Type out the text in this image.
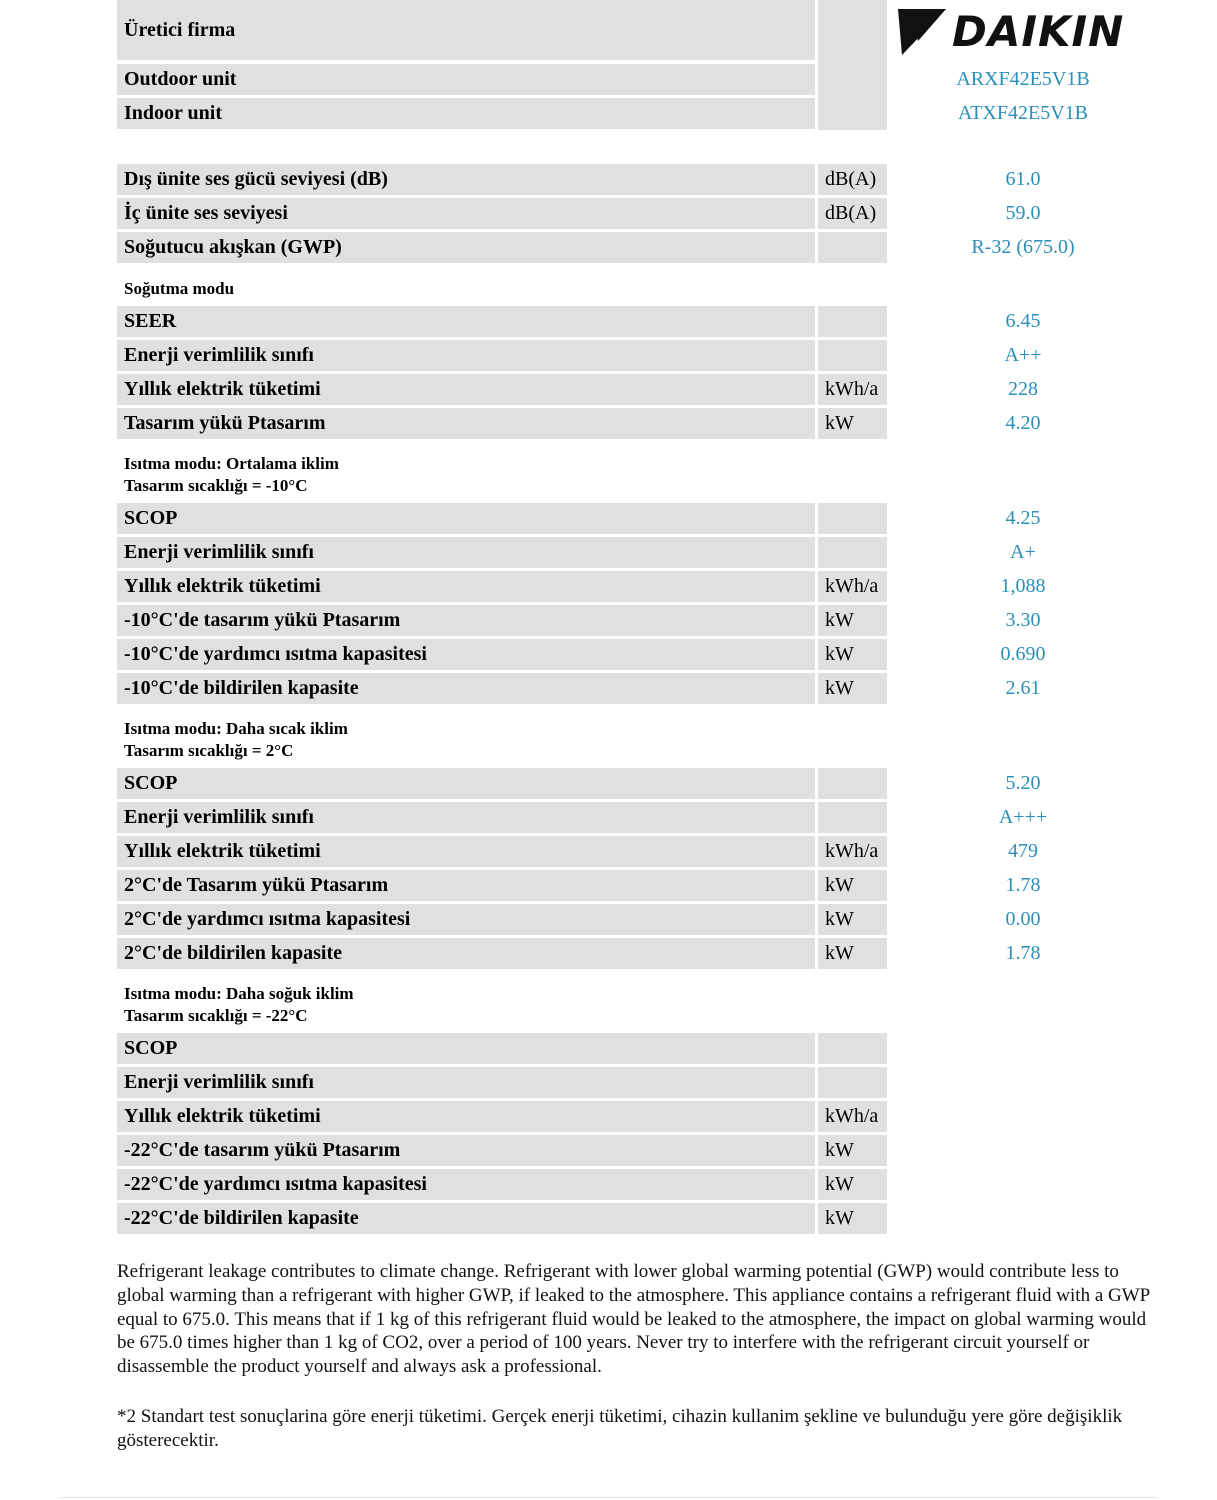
Üretici firma	DAIKIN
Outdoor unit	ARXF42E5V1B
Indoor unit	ATXF42E5V1B
Dış ünite ses gücü seviyesi (dB)	dB(A)	61.0
İç ünite ses seviyesi	dB(A)	59.0
Soğutucu akışkan (GWP)	R-32 (675.0)
Soğutma modu
SEER	6.45
Enerji verimlilik sınıfı	A++
Yıllık elektrik tüketimi	kWh/a	228
Tasarım yükü Ptasarım	kW	4.20
Isıtma modu: Ortalama iklim
Tasarım sıcaklığı = -10°C
SCOP	4.25
Enerji verimlilik sınıfı	A+
Yıllık elektrik tüketimi	kWh/a	1,088
-10°C'de tasarım yükü Ptasarım	kW	3.30
-10°C'de yardımcı ısıtma kapasitesi	kW	0.690
-10°C'de bildirilen kapasite	kW	2.61
Isıtma modu: Daha sıcak iklim
Tasarım sıcaklığı = 2°C
SCOP	5.20
Enerji verimlilik sınıfı	A+++
Yıllık elektrik tüketimi	kWh/a	479
2°C'de Tasarım yükü Ptasarım	kW	1.78
2°C'de yardımcı ısıtma kapasitesi	kW	0.00
2°C'de bildirilen kapasite	kW	1.78
Isıtma modu: Daha soğuk iklim
Tasarım sıcaklığı = -22°C
SCOP
Enerji verimlilik sınıfı
Yıllık elektrik tüketimi	kWh/a
-22°C'de tasarım yükü Ptasarım	kW
-22°C'de yardımcı ısıtma kapasitesi	kW
-22°C'de bildirilen kapasite	kW
Refrigerant leakage contributes to climate change. Refrigerant with lower global warming potential (GWP) would contribute less to global warming than a refrigerant with higher GWP, if leaked to the atmosphere. This appliance contains a refrigerant fluid with a GWP equal to 675.0. This means that if 1 kg of this refrigerant fluid would be leaked to the atmosphere, the impact on global warming would be 675.0 times higher than 1 kg of CO2, over a period of 100 years. Never try to interfere with the refrigerant circuit yourself or disassemble the product yourself and always ask a professional.
*2 Standart test sonuçlarina göre enerji tüketimi. Gerçek enerji tüketimi, cihazin kullanim şekline ve bulunduğu yere göre değişiklik gösterecektir.
